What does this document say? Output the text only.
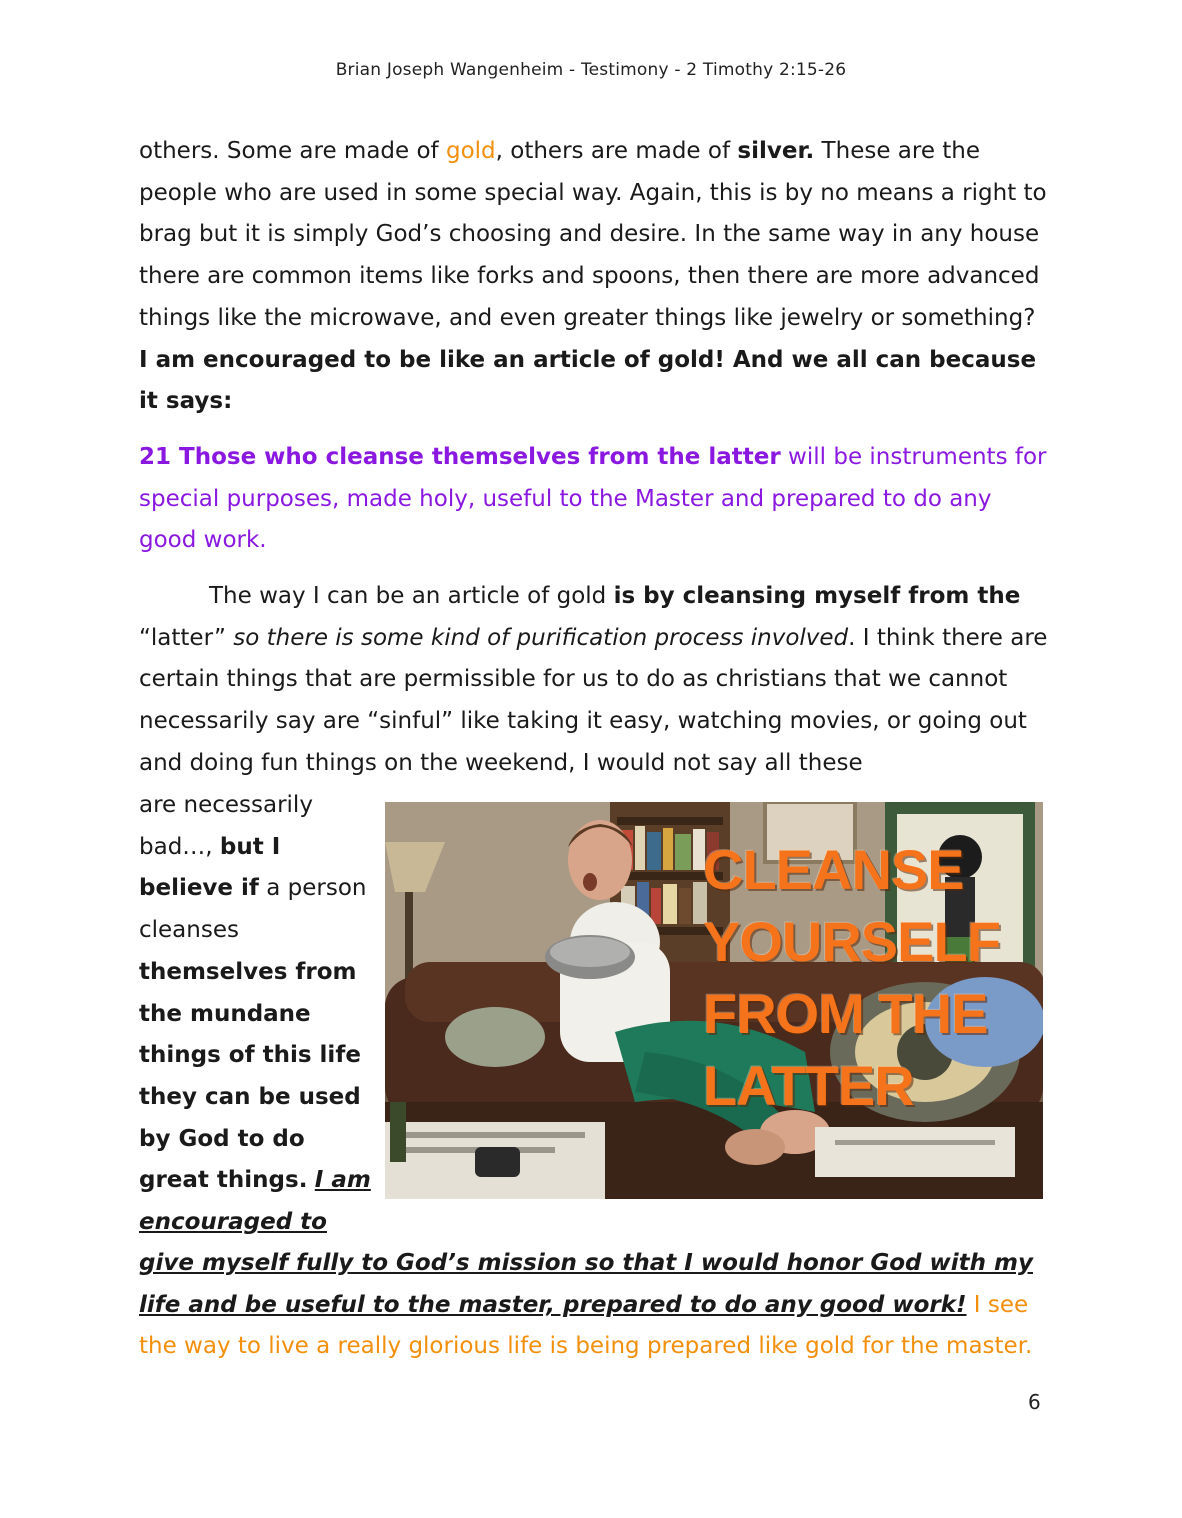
Brian Joseph Wangenheim - Testimony - 2 Timothy 2:15-26
others. Some are made of gold, others are made of silver. These are the people who are used in some special way. Again, this is by no means a right to brag but it is simply God’s choosing and desire. In the same way in any house there are common items like forks and spoons, then there are more advanced things like the microwave, and even greater things like jewelry or something? I am encouraged to be like an article of gold! And we all can because it says:
21 Those who cleanse themselves from the latter will be instruments for special purposes, made holy, useful to the Master and prepared to do any good work.
The way I can be an article of gold is by cleansing myself from the “latter” so there is some kind of purification process involved. I think there are certain things that are permissible for us to do as christians that we cannot necessarily say are “sinful” like taking it easy, watching movies, or going out and doing fun things on the weekend, I would not say all these
are necessarily bad…, but I believe if a person cleanses themselves from the mundane things of this life they can be used by God to do great things. I am encouraged to
CLEANSE
YOURSELF
FROM THE
LATTER
give myself fully to God’s mission so that I would honor God with my life and be useful to the master, prepared to do any good work! I see the way to live a really glorious life is being prepared like gold for the master.
6
